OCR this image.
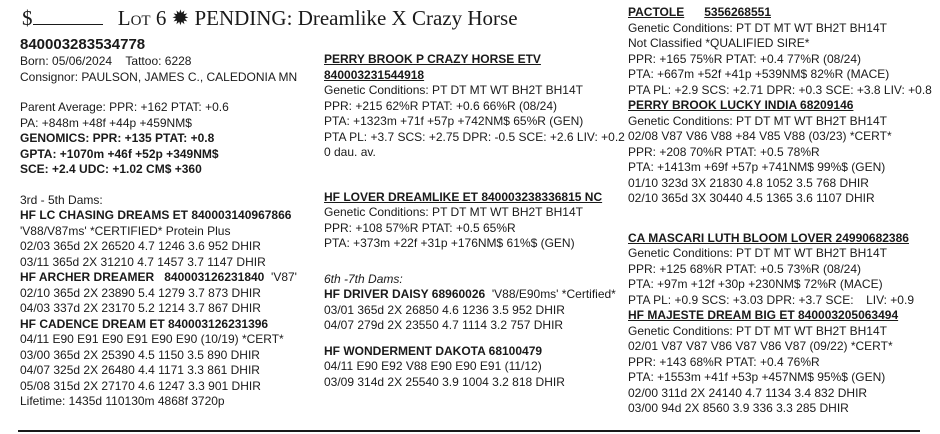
$	Lot 6 ✹ PENDING: Dreamlike X Crazy Horse

840003283534778

Born: 05/06/2024 Tattoo: 6228

Consignor: PAULSON, JAMES C., CALEDONIA MN

Parent Average: PPR: +162 PTAT: +0.6

PA: +848m +48f +44p +459NM$

GENOMICS: PPR: +135 PTAT: +0.8

GPTA: +1070m +46f +52p +349NM$

SCE: +2.4 UDC: +1.02 CM$ +360

3rd - 5th Dams:

HF LC CHASING DREAMS ET 840003140967866

'V88/V87ms' *CERTIFIED* Protein Plus

02/03 365d 2X 26520 4.7 1246 3.6 952 DHIR

03/11 365d 2X 31210 4.7 1457 3.7 1147 DHIR

HF ARCHER DREAMER 840003126231840 'V87'

02/10 365d 2X 23890 5.4 1279 3.7 873 DHIR

04/03 337d 2X 23170 5.2 1214 3.7 867 DHIR

HF CADENCE DREAM ET 840003126231396

04/11 E90 E91 E90 E91 E90 E90 (10/19) *CERT*

03/00 365d 2X 25390 4.5 1150 3.5 890 DHIR

04/07 325d 2X 26480 4.4 1171 3.3 861 DHIR

05/08 315d 2X 27170 4.6 1247 3.3 901 DHIR

Lifetime: 1435d 110130m 4868f 3720p

PERRY BROOK P CRAZY HORSE ETV

840003231544918

Genetic Conditions: PT DT MT WT BH2T BH14T

PPR: +215 62%R PTAT: +0.6 66%R (08/24)

PTA: +1323m +71f +57p +742NM$ 65%R (GEN)

PTA PL: +3.7 SCS: +2.75 DPR: -0.5 SCE: +2.6 LIV: +0.2

0 dau. av.

HF LOVER DREAMLIKE ET 840003238336815 NC

Genetic Conditions: PT DT MT WT BH2T BH14T

PPR: +108 57%R PTAT: +0.5 65%R

PTA: +373m +22f +31p +176NM$ 61%$ (GEN)

6th -7th Dams:

HF DRIVER DAISY 68960026 'V88/E90ms' *Certified*

03/01 365d 2X 26850 4.6 1236 3.5 952 DHIR

04/07 279d 2X 23550 4.7 1114 3.2 757 DHIR

HF WONDERMENT DAKOTA 68100479

04/11 E90 E92 V88 E90 E90 E91 (11/12)

03/09 314d 2X 25540 3.9 1004 3.2 818 DHIR

PACTOLE 5356268551

Genetic Conditions: PT DT MT WT BH2T BH14T

Not Classified *QUALIFIED SIRE*

PPR: +165 75%R PTAT: +0.4 77%R (08/24)

PTA: +667m +52f +41p +539NM$ 82%R (MACE)

PTA PL: +2.9 SCS: +2.71 DPR: +0.3 SCE: +3.8 LIV: +0.8

PERRY BROOK LUCKY INDIA 68209146

Genetic Conditions: PT DT MT WT BH2T BH14T

02/08 V87 V86 V88 +84 V85 V88 (03/23) *CERT*

PPR: +208 70%R PTAT: +0.5 78%R

PTA: +1413m +69f +57p +741NM$ 99%$ (GEN)

01/10 323d 3X 21830 4.8 1052 3.5 768 DHIR

02/10 365d 3X 30440 4.5 1365 3.6 1107 DHIR

CA MASCARI LUTH BLOOM LOVER 24990682386

Genetic Conditions: PT DT MT WT BH2T BH14T

PPR: +125 68%R PTAT: +0.5 73%R (08/24)

PTA: +97m +12f +30p +230NM$ 72%R (MACE)

PTA PL: +0.9 SCS: +3.03 DPR: +3.7 SCE: LIV: +0.9

HF MAJESTE DREAM BIG ET 840003205063494

Genetic Conditions: PT DT MT WT BH2T BH14T

02/01 V87 V87 V86 V87 V86 V87 (09/22) *CERT*

PPR: +143 68%R PTAT: +0.4 76%R

PTA: +1553m +41f +53p +457NM$ 95%$ (GEN)

02/00 311d 2X 24140 4.7 1134 3.4 832 DHIR

03/00 94d 2X 8560 3.9 336 3.3 285 DHIR
